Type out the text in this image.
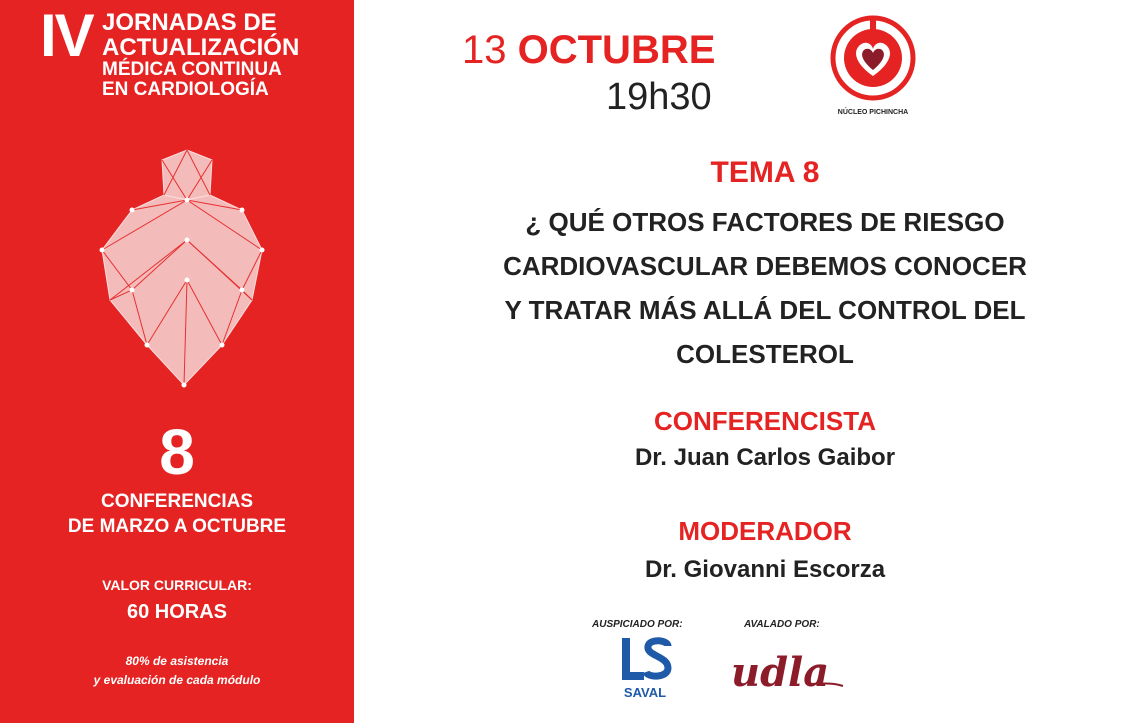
IV JORNADAS DE
ACTUALIZACIÓN
MÉDICA CONTINUA
EN CARDIOLOGÍA
8
CONFERENCIAS
DE MARZO A OCTUBRE
VALOR CURRICULAR:
60 HORAS
80% de asistencia
y evaluación de cada módulo
13 OCTUBRE
19h30	NÚCLEO PICHINCHA
TEMA 8
¿ QUÉ OTROS FACTORES DE RIESGO
CARDIOVASCULAR DEBEMOS CONOCER
Y TRATAR MÁS ALLÁ DEL CONTROL DEL
COLESTEROL
CONFERENCISTA
Dr. Juan Carlos Gaibor
MODERADOR
Dr. Giovanni Escorza
AUSPICIADO POR:	AVALADO POR:
SAVAL udla
